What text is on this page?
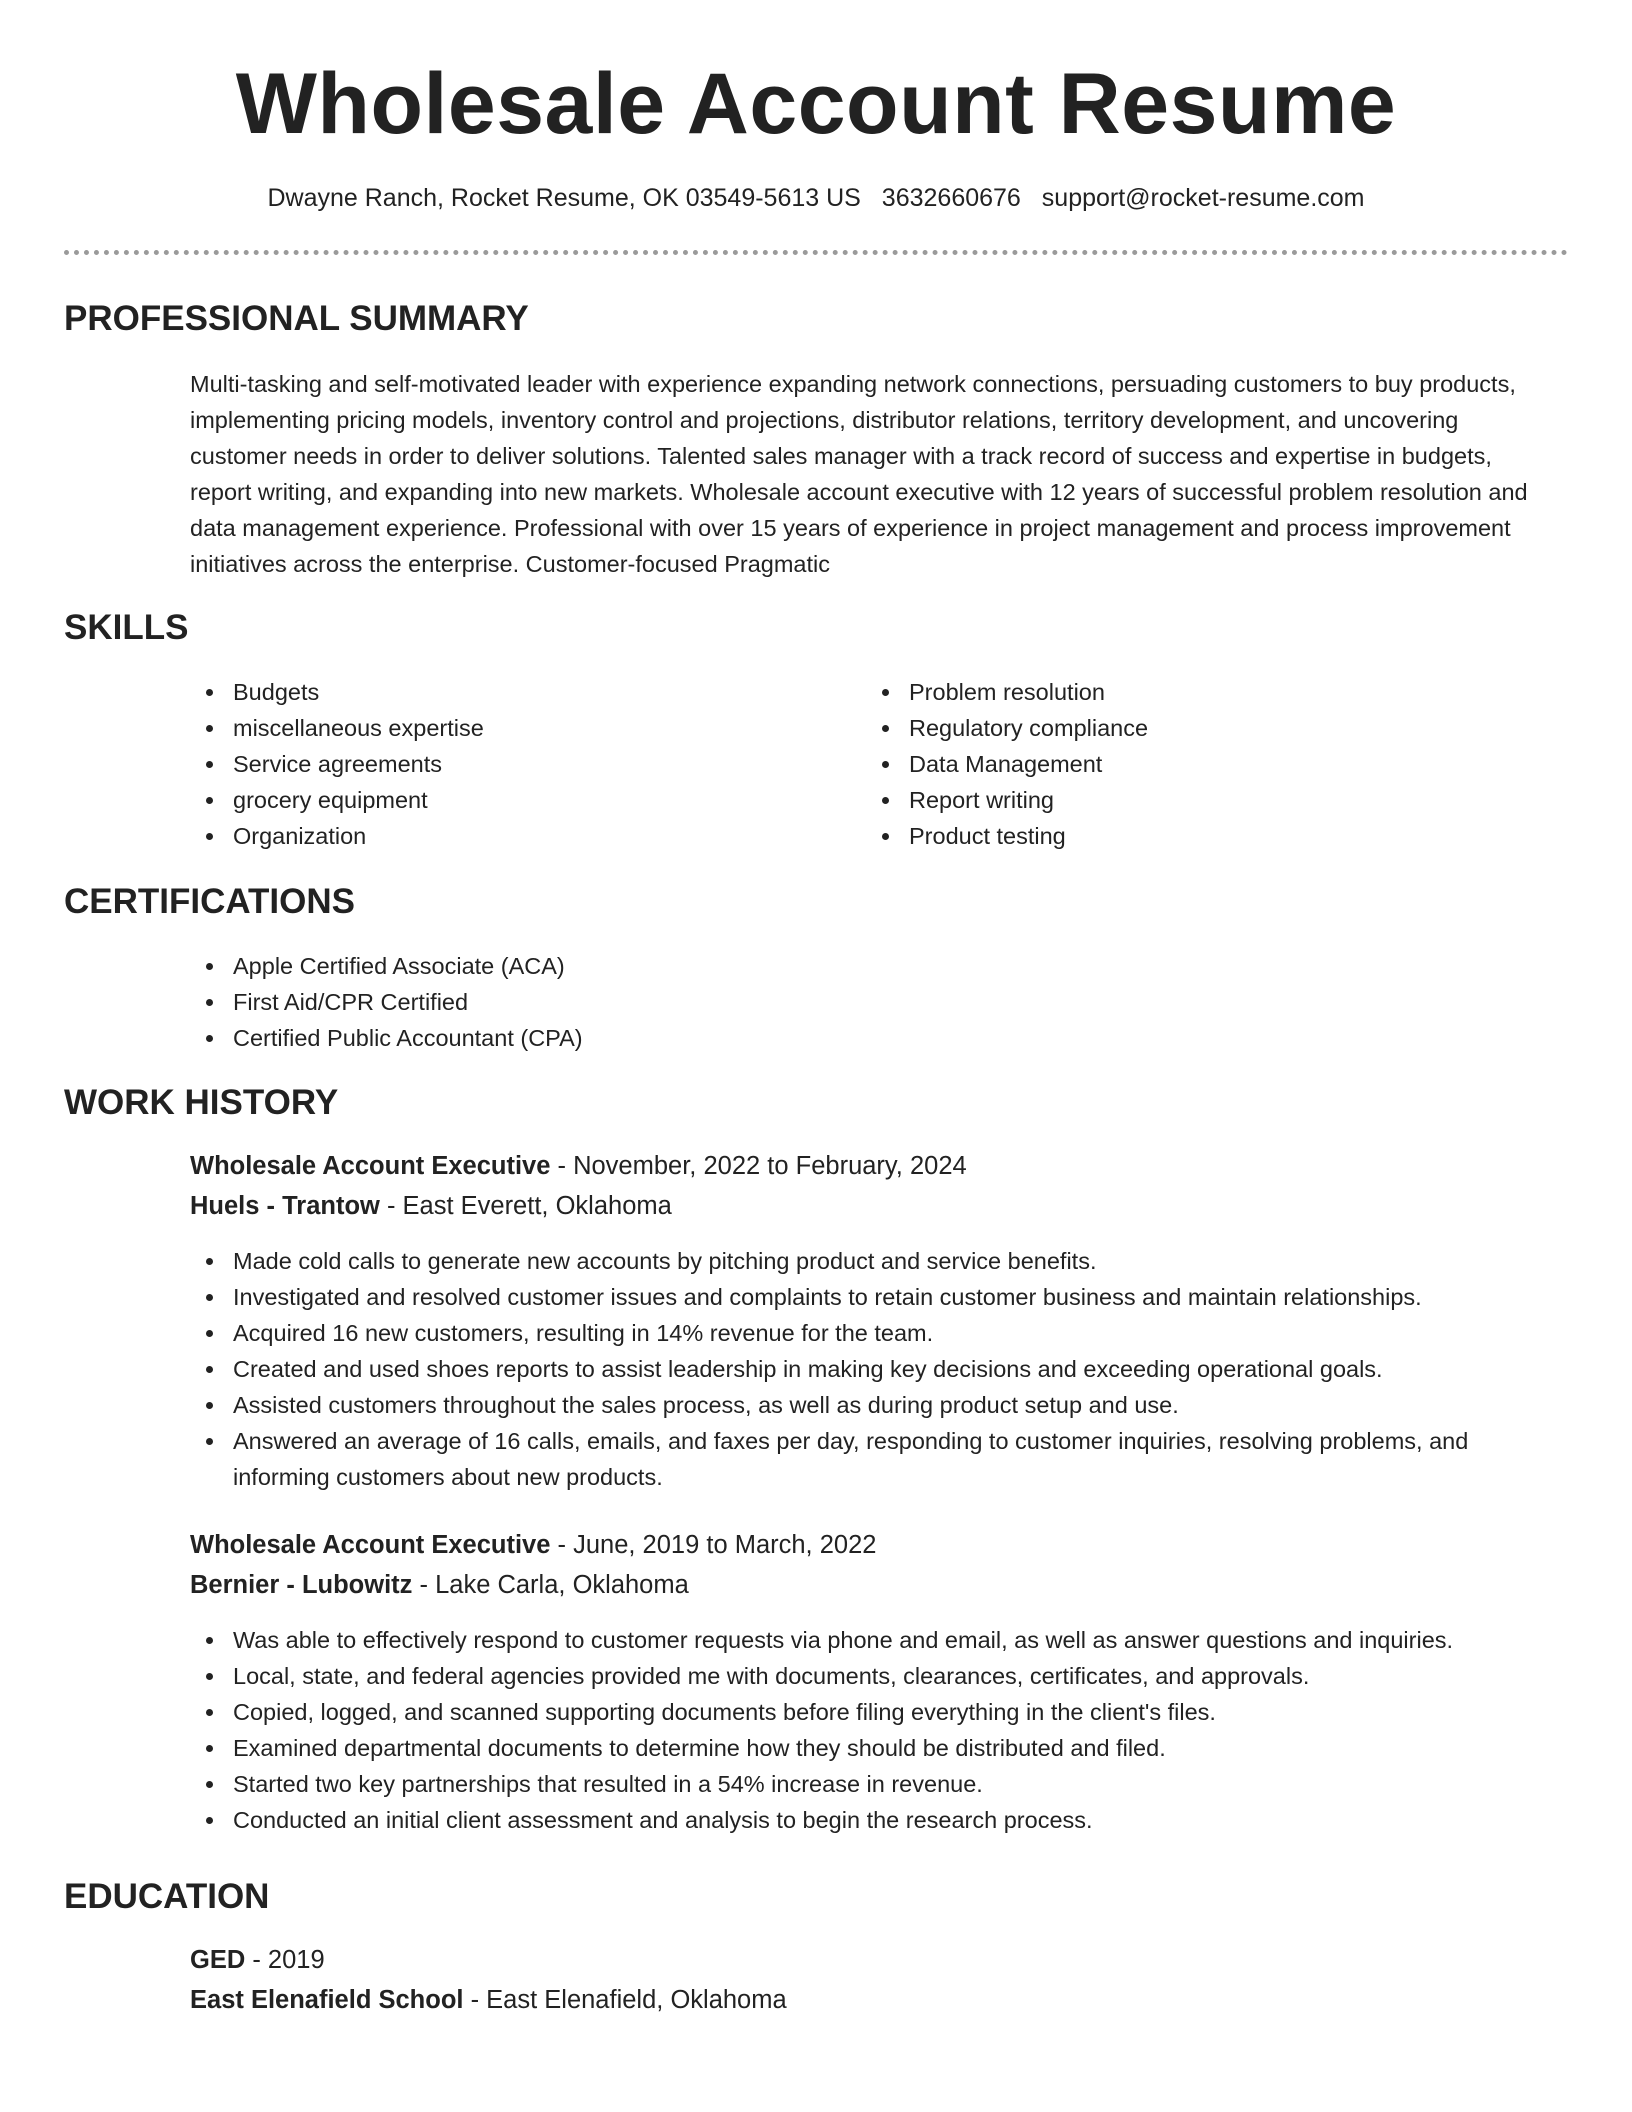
Wholesale Account Resume
Dwayne Ranch, Rocket Resume, OK 03549-5613 US 3632660676 support@rocket-resume.com
PROFESSIONAL SUMMARY
Multi-tasking and self-motivated leader with experience expanding network connections, persuading customers to buy products, implementing pricing models, inventory control and projections, distributor relations, territory development, and uncovering customer needs in order to deliver solutions. Talented sales manager with a track record of success and expertise in budgets, report writing, and expanding into new markets. Wholesale account executive with 12 years of successful problem resolution and data management experience. Professional with over 15 years of experience in project management and process improvement initiatives across the enterprise. Customer-focused Pragmatic
SKILLS
Budgets
miscellaneous expertise
Service agreements
grocery equipment
Organization
Problem resolution
Regulatory compliance
Data Management
Report writing
Product testing
CERTIFICATIONS
Apple Certified Associate (ACA)
First Aid/CPR Certified
Certified Public Accountant (CPA)
WORK HISTORY
Wholesale Account Executive - November, 2022 to February, 2024
Huels - Trantow - East Everett, Oklahoma
Made cold calls to generate new accounts by pitching product and service benefits.
Investigated and resolved customer issues and complaints to retain customer business and maintain relationships.
Acquired 16 new customers, resulting in 14% revenue for the team.
Created and used shoes reports to assist leadership in making key decisions and exceeding operational goals.
Assisted customers throughout the sales process, as well as during product setup and use.
Answered an average of 16 calls, emails, and faxes per day, responding to customer inquiries, resolving problems, and informing customers about new products.
Wholesale Account Executive - June, 2019 to March, 2022
Bernier - Lubowitz - Lake Carla, Oklahoma
Was able to effectively respond to customer requests via phone and email, as well as answer questions and inquiries.
Local, state, and federal agencies provided me with documents, clearances, certificates, and approvals.
Copied, logged, and scanned supporting documents before filing everything in the client's files.
Examined departmental documents to determine how they should be distributed and filed.
Started two key partnerships that resulted in a 54% increase in revenue.
Conducted an initial client assessment and analysis to begin the research process.
EDUCATION
GED - 2019
East Elenafield School - East Elenafield, Oklahoma
